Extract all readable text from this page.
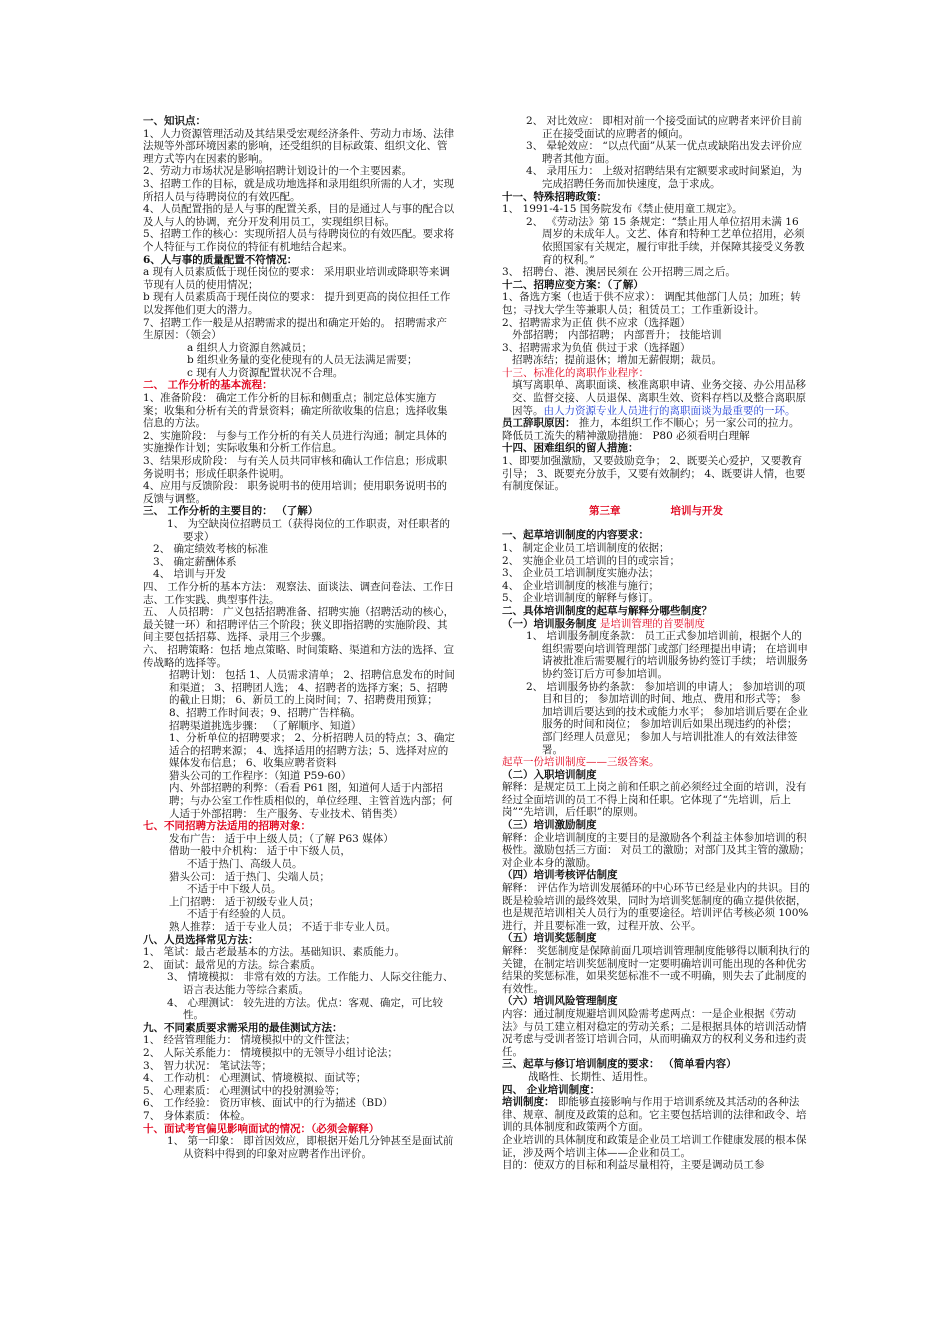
一、知识点：
1、人力资源管理活动及其结果受宏观经济条件、劳动力市场、法律法规等外部环境因素的影响，还受组织的目标政策、组织文化、管理方式等内在因素的影响。
2、劳动力市场状况是影响招聘计划设计的一个主要因素。
3、招聘工作的目标，就是成功地选择和录用组织所需的人才，实现所招人员与待聘岗位的有效匹配。
4、人员配置指的是人与事的配置关系，目的是通过人与事的配合以及人与人的协调，充分开发利用员工，实现组织目标。
5、招聘工作的核心：实现所招人员与待聘岗位的有效匹配。要求将个人特征与工作岗位的特征有机地结合起来。
6、人与事的质量配置不符情况：
a 现有人员素质低于现任岗位的要求： 采用职业培训或降职等来调节现有人员的使用情况；
b 现有人员素质高于现任岗位的要求： 提升到更高的岗位担任工作以发挥他们更大的潜力。
7、招聘工作一般是从招聘需求的提出和确定开始的。 招聘需求产生原因：（领会）
a 组织人力资源自然减员；
b 组织业务量的变化使现有的人员无法满足需要；
c 现有人力资源配置状况不合理。
二、 工作分析的基本流程：
1、准备阶段： 确定工作分析的目标和侧重点；制定总体实施方案；收集和分析有关的背景资料；确定所欲收集的信息；选择收集信息的方法。
2、实施阶段： 与参与工作分析的有关人员进行沟通；制定具体的实施操作计划；实际收集和分析工作信息。
3、结果形成阶段： 与有关人员共同审核和确认工作信息；形成职务说明书；形成任职条件说明。
4、应用与反馈阶段： 职务说明书的使用培训；使用职务说明书的反馈与调整。
三、 工作分析的主要目的： （了解）
1、 为空缺岗位招聘员工（获得岗位的工作职责，对任职者的要求）
2、 确定绩效考核的标准
3、 确定薪酬体系
4、 培训与开发
四、 工作分析的基本方法： 观察法、面谈法、调查问卷法、工作日志、工作实践、典型事件法。
五、 人员招聘： 广义包括招聘准备、招聘实施（招聘活动的核心，最关键一环）和招聘评估三个阶段；狭义即指招聘的实施阶段、其间主要包括招募、选择、录用三个步骤。
六、 招聘策略：包括 地点策略、时间策略、渠道和方法的选择、宣传战略的选择等。
招聘计划： 包括 1、人员需求清单； 2、招聘信息发布的时间和渠道； 3、招聘团人选； 4、招聘者的选择方案；5、招聘的截止日期； 6、新员工的上岗时间；7、招聘费用预算； 8、招聘工作时间表；9、招聘广告样稿。
招聘渠道挑选步骤： （了解顺序、知道）
1、分析单位的招聘要求； 2、分析招聘人员的特点；3、确定适合的招聘来源； 4、选择适用的招聘方法；5、选择对应的媒体发布信息； 6、收集应聘者资料
猎头公司的工作程序：（知道 P59-60）
内、外部招聘的利弊：（看看 P61 图，知道何人适于内部招聘；与办公室工作性质相似的，单位经理、主管首选内部；何人适于外部招聘： 生产服务、专业技术、销售类）
七、不同招聘方法适用的招聘对象：
发布广告： 适于中上级人员；（了解 P63 媒体）
借助一般中介机构： 适于中下级人员，
不适于热门、高级人员。
猎头公司： 适于热门、尖端人员；
不适于中下级人员。
上门招聘： 适于初级专业人员；
不适于有经验的人员。
熟人推荐： 适于专业人员； 不适于非专业人员。
八、人员选择常见方法：
1、 笔试：最古老最基本的方法。基础知识、素质能力。
2、 面试：最常见的方法。综合素质。
3、 情境模拟： 非常有效的方法。工作能力、人际交往能力、语言表达能力等综合素质。
4、 心理测试： 较先进的方法。优点：客观、确定，可比较性。
九、不同素质要求需采用的最佳测试方法：
1、 经营管理能力： 情境模拟中的文件筐法；
2、 人际关系能力： 情境模拟中的无领导小组讨论法；
3、 智力状况： 笔试法等；
4、 工作动机： 心理测试、情境模拟、面试等；
5、 心理素质： 心理测试中的投射测验等；
6、 工作经验： 资历审核、面试中的行为描述（BD）
7、 身体素质： 体检。
十、面试考官偏见影响面试的情况：（必须会解释）
1、 第一印象： 即首因效应，即根据开始几分钟甚至是面试前从资料中得到的印象对应聘者作出评价。
2、 对比效应： 即相对前一个接受面试的应聘者来评价目前正在接受面试的应聘者的倾向。
3、 晕轮效应： “以点代面”从某一优点或缺陷出发去评价应聘者其他方面。
4、 录用压力： 上级对招聘结果有定额要求或时间紧迫，为完成招聘任务而加快速度，急于求成。
十一、特殊招聘政策：
1、 1991-4-15 国务院发布《禁止使用童工规定》。
2、 《劳动法》第 15 条规定：“禁止用人单位招用未满 16 周岁的未成年人。文艺、体育和特种工艺单位招用，必须依照国家有关规定，履行审批手续，并保障其接受义务教育的权利。”
3、 招聘台、港、澳居民须在 公开招聘三周之后。
十二、招聘应变方案：（了解）
1、备选方案（也适于供不应求）： 调配其他部门人员；加班；转包；寻找大学生等兼职人员；租赁员工；工作重新设计。
2、招聘需求为正值 供不应求（选择题）
外部招聘； 内部招聘； 内部晋升； 技能培训
3、招聘需求为负值 供过于求（选择题）
招聘冻结；提前退休；增加无薪假期；裁员。
十三、标准化的离职作业程序：
填写离职单、离职面谈、核准离职申请、业务交接、办公用品移交、监督交接、人员退保、离职生效、资料存档以及整合离职原因等。由人力资源专业人员进行的离职面谈为最重要的一环。
员工辞职原因： 推力，本组织工作不顺心；另一家公司的拉力。
降低员工流失的精神激励措施： P80 必须看明白理解
十四、困难组织的留人措施：
1、即要加强激励，又要鼓励竞争； 2、既要关心爱护，又要教育引导； 3、既要充分放手，又要有效制约； 4、既要讲人情，也要有制度保证。
第三章	培训与开发
一、起草培训制度的内容要求：
1、 制定企业员工培训制度的依据；
2、 实施企业员工培训的目的或宗旨；
3、 企业员工培训制度实施办法；
4、 企业培训制度的核准与施行；
5、 企业培训制度的解释与修订。
二、具体培训制度的起草与解释分哪些制度？
（一）培训服务制度 是培训管理的首要制度
1、 培训服务制度条款： 员工正式参加培训前，根据个人的组织需要向培训管理部门或部门经理提出申请； 在培训申请被批准后需要履行的培训服务协约签订手续； 培训服务协约签订后方可参加培训。
2、 培训服务协约条款： 参加培训的申请人； 参加培训的项目和目的； 参加培训的时间、地点、费用和形式等； 参加培训后要达到的技术或能力水平； 参加培训后要在企业服务的时间和岗位； 参加培训后如果出现违约的补偿； 部门经理人员意见； 参加人与培训批准人的有效法律签署。
起草一份培训制度——三级答案。
（二）入职培训制度
解释：是规定员工上岗之前和任职之前必须经过全面的培训，没有经过全面培训的员工不得上岗和任职。它体现了“先培训，后上岗”“先培训，后任职”的原则。
（三）培训激励制度
解释：企业培训制度的主要目的是激励各个利益主体参加培训的积极性。激励包括三方面： 对员工的激励；对部门及其主管的激励；对企业本身的激励。
（四）培训考核评估制度
解释： 评估作为培训发展循环的中心环节已经是业内的共识。目的既是检验培训的最终效果，同时为培训奖惩制度的确立提供依据，也是规范培训相关人员行为的重要途径。培训评估考核必须 100%进行，并且要标准一致，过程开放、公平。
（五）培训奖惩制度
解释： 奖惩制度是保障前面几项培训管理制度能够得以顺利执行的关键，在制定培训奖惩制度时一定要明确培训可能出现的各种优劣结果的奖惩标准，如果奖惩标准不一或不明确，则失去了此制度的有效性。
（六）培训风险管理制度
内容：通过制度规避培训风险需考虑两点：一是企业根据《劳动法》与员工建立相对稳定的劳动关系；二是根据具体的培训活动情况考虑与受训者签订培训合同，从而明确双方的权利义务和违约责任。
三、起草与修订培训制度的要求： （简单看内容）
战略性、长期性、适用性。
四、 企业培训制度：
培训制度： 即能够直接影响与作用于培训系统及其活动的各种法律、规章、制度及政策的总和。它主要包括培训的法律和政令、培训的具体制度和政策两个方面。
企业培训的具体制度和政策是企业员工培训工作健康发展的根本保证，涉及两个培训主体——企业和员工。
目的：使双方的目标和利益尽量相符，主要是调动员工参
